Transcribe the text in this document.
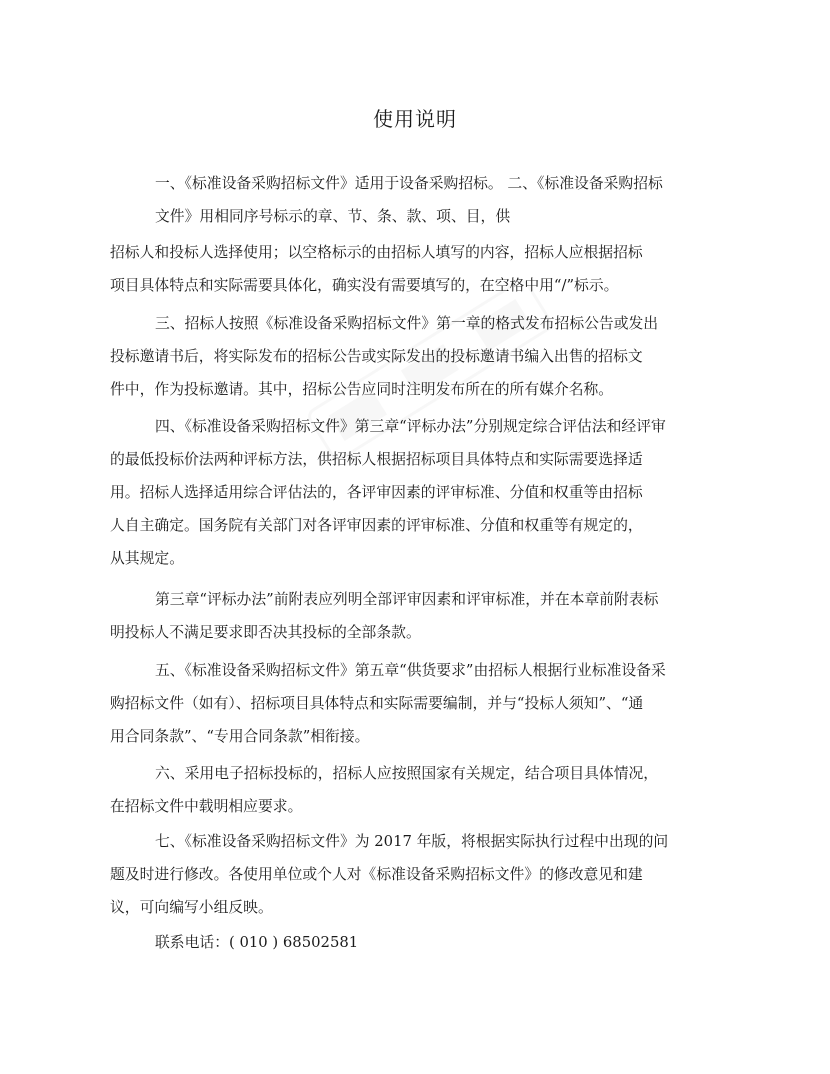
使用说明
一、《标准设备采购招标文件》适用于设备采购招标。 二、《标准设备采购招标
文件》用相同序号标示的章、节、条、款、项、目，供
招标人和投标人选择使用；以空格标示的由招标人填写的内容，招标人应根据招标
项目具体特点和实际需要具体化，确实没有需要填写的，在空格中用“/”标示。
三、招标人按照《标准设备采购招标文件》第一章的格式发布招标公告或发出
投标邀请书后，将实际发布的招标公告或实际发出的投标邀请书编入出售的招标文
件中，作为投标邀请。其中，招标公告应同时注明发布所在的所有媒介名称。
四、《标准设备采购招标文件》第三章“评标办法”分别规定综合评估法和经评审
的最低投标价法两种评标方法，供招标人根据招标项目具体特点和实际需要选择适
用。招标人选择适用综合评估法的，各评审因素的评审标准、分值和权重等由招标
人自主确定。国务院有关部门对各评审因素的评审标准、分值和权重等有规定的，
从其规定。
第三章“评标办法”前附表应列明全部评审因素和评审标准，并在本章前附表标
明投标人不满足要求即否决其投标的全部条款。
五、《标准设备采购招标文件》第五章“供货要求”由招标人根据行业标准设备采
购招标文件（如有）、招标项目具体特点和实际需要编制，并与“投标人须知”、“通
用合同条款”、“专用合同条款”相衔接。
六、采用电子招标投标的，招标人应按照国家有关规定，结合项目具体情况，
在招标文件中载明相应要求。
七、《标准设备采购招标文件》为 2017 年版，将根据实际执行过程中出现的问
题及时进行修改。各使用单位或个人对《标准设备采购招标文件》的修改意见和建
议，可向编写小组反映。
联系电话：( 010 ) 68502581
